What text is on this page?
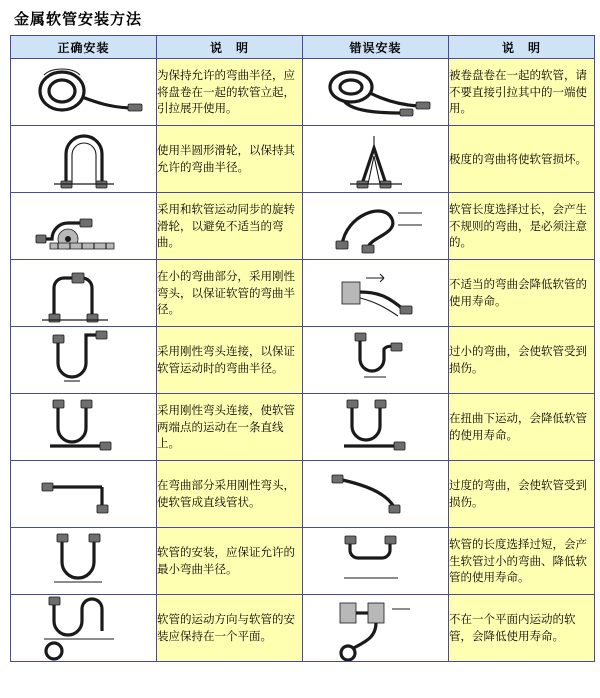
金属软管安装方法
正确安装	说　明	错误安装	说　明

	为保持允许的弯曲半径，应将盘卷在一起的软管立起，引拉展开使用。		被卷盘卷在一起的软管，请不要直接引拉其中的一端使用。

	使用半圆形滑轮，以保持其允许的弯曲半径。		极度的弯曲将使软管损坏。

	采用和软管运动同步的旋转滑轮，以避免不适当的弯曲。		软管长度选择过长，会产生不规则的弯曲，是必须注意的。

	在小的弯曲部分，采用刚性弯头，以保证软管的弯曲半径。		不适当的弯曲会降低软管的使用寿命。

	采用刚性弯头连接，以保证软管运动时的弯曲半径。		过小的弯曲，会使软管受到损伤。

	采用刚性弯头连接，使软管两端点的运动在一条直线上。		在扭曲下运动，会降低软管的使用寿命。

	在弯曲部分采用刚性弯头，使软管成直线管状。		过度的弯曲，会使软管受到损伤。

	软管的安装，应保证允许的最小弯曲半径。		软管的长度选择过短，会产生软管过小的弯曲、降低软管的使用寿命。

	软管的运动方向与软管的安装应保持在一个平面。		不在一个平面内运动的软管，会降低使用寿命。
